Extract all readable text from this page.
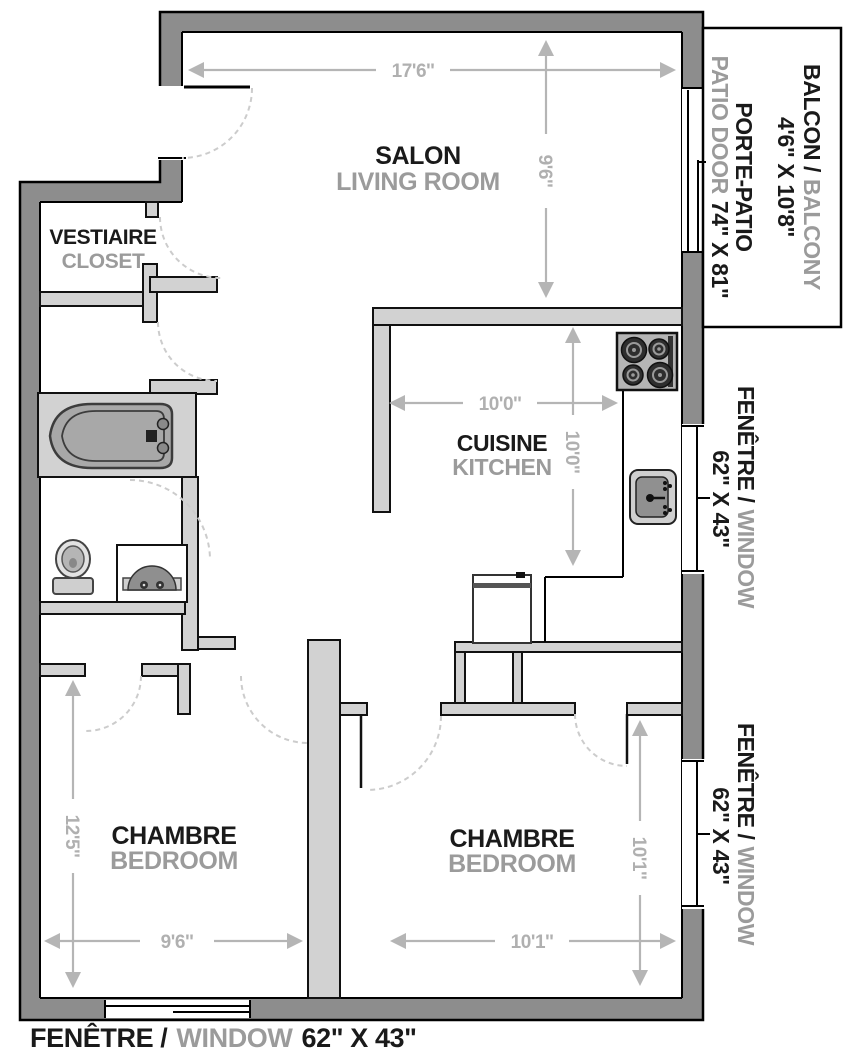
17'6''
9'6''
10'0''
10'0''
12'5''
9'6''	10'1''
10'1''
SALON
LIVING ROOM
VESTIAIRE
CLOSET
CUISINE
KITCHEN
CHAMBRE
BEDROOM
CHAMBRE
BEDROOM
BALCON /BALCONY
4'6" X 10'8"
PORTE-PATIO
PATIO DOOR74" X 81"
FENÊTRE /WINDOW
62" X 43"
FENÊTRE /WINDOW
62" X 43"
FENÊTRE / WINDOW 62" X 43"
